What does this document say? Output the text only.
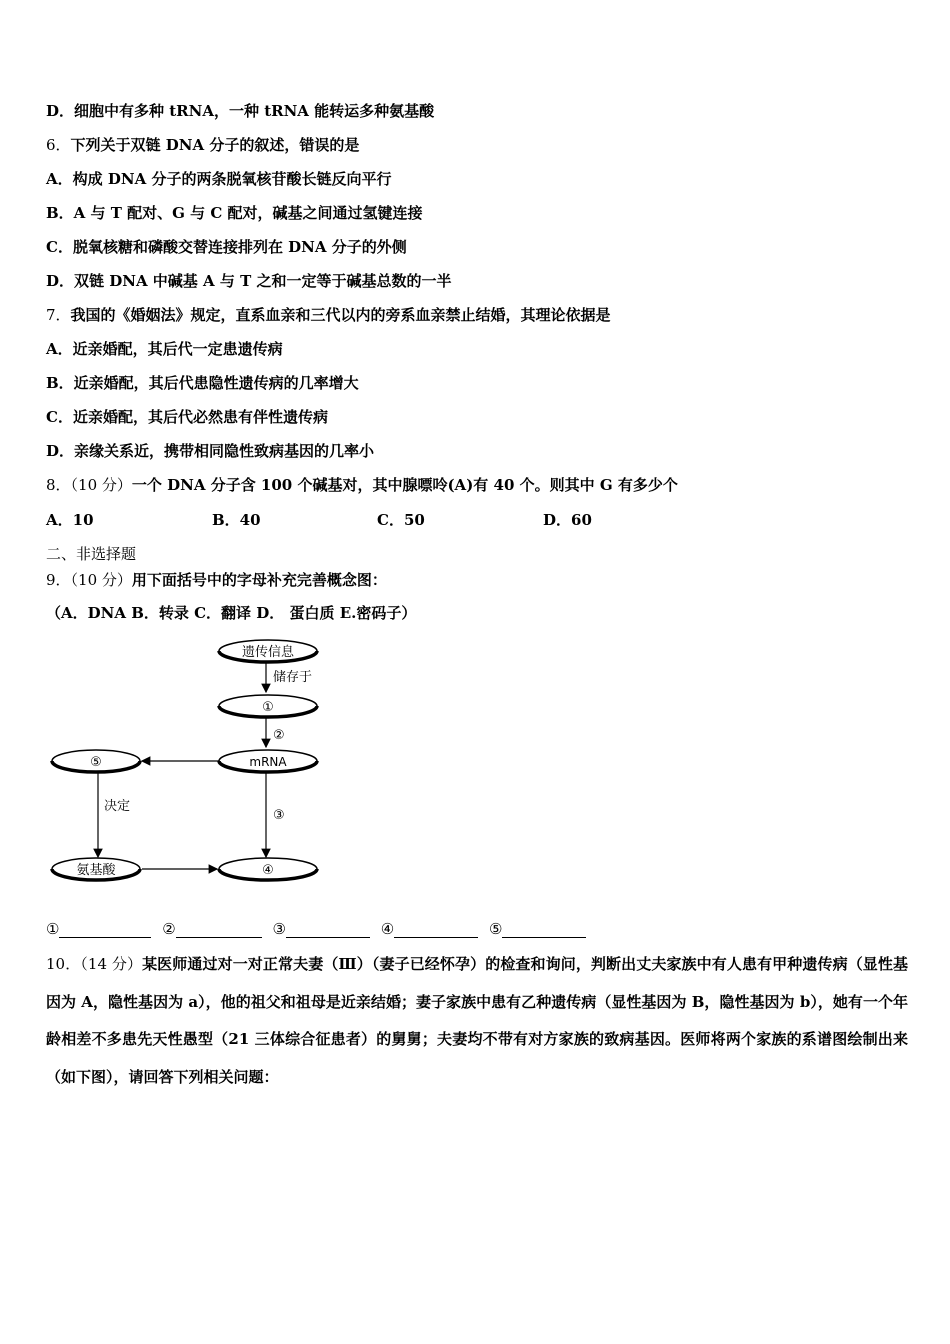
D．细胞中有多种 tRNA，一种 tRNA 能转运多种氨基酸
6．下列关于双链 DNA 分子的叙述，错误的是
A．构成 DNA 分子的两条脱氧核苷酸长链反向平行
B．A 与 T 配对、G 与 C 配对，碱基之间通过氢键连接
C．脱氧核糖和磷酸交替连接排列在 DNA 分子的外侧
D．双链 DNA 中碱基 A 与 T 之和一定等于碱基总数的一半
7．我国的《婚姻法》规定，直系血亲和三代以内的旁系血亲禁止结婚，其理论依据是
A．近亲婚配，其后代一定患遗传病
B．近亲婚配，其后代患隐性遗传病的几率增大
C．近亲婚配，其后代必然患有伴性遗传病
D．亲缘关系近，携带相同隐性致病基因的几率小
8．（10 分）一个 DNA 分子含 100 个碱基对，其中腺嘌呤(A)有 40 个。则其中 G 有多少个
A．10	B．40	C．50	D．60
二、非选择题
9．（10 分）用下面括号中的字母补充完善概念图：
（A．DNA B．转录 C．翻译 D． 蛋白质 E.密码子）
遗传信息
储存于
①
②
mRNA
⑤
决定
③
氨基酸	④
①	②	③	④	⑤
10．（14 分）某医师通过对一对正常夫妻（Ⅲ）（妻子已经怀孕）的检查和询问，判断出丈夫家族中有人患有甲种遗传病（显性基因为 A，隐性基因为 a），他的祖父和祖母是近亲结婚；妻子家族中患有乙种遗传病（显性基因为 B，隐性基因为 b），她有一个年龄相差不多患先天性愚型（21 三体综合征患者）的舅舅；夫妻均不带有对方家族的致病基因。医师将两个家族的系谱图绘制出来（如下图），请回答下列相关问题：
